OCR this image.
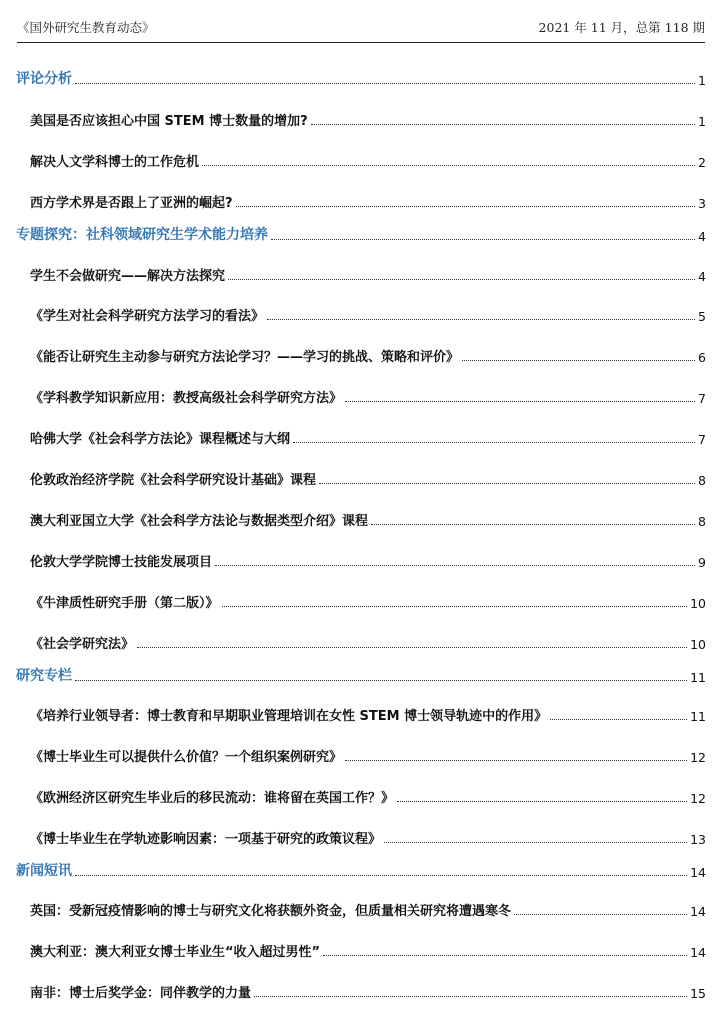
《国外研究生教育动态》	2021 年 11 月，总第 118 期
评论分析	1
美国是否应该担心中国 STEM 博士数量的增加?	1
解决人文学科博士的工作危机	2
西方学术界是否跟上了亚洲的崛起?	3
专题探究：社科领域研究生学术能力培养	4
学生不会做研究——解决方法探究	4
《学生对社会科学研究方法学习的看法》	5
《能否让研究生主动参与研究方法论学习？——学习的挑战、策略和评价》	6
《学科教学知识新应用：教授高级社会科学研究方法》	7
哈佛大学《社会科学方法论》课程概述与大纲	7
伦敦政治经济学院《社会科学研究设计基础》课程	8
澳大利亚国立大学《社会科学方法论与数据类型介绍》课程	8
伦敦大学学院博士技能发展项目	9
《牛津质性研究手册（第二版）》	10
《社会学研究法》	10
研究专栏	11
《培养行业领导者：博士教育和早期职业管理培训在女性 STEM 博士领导轨迹中的作用》	11
《博士毕业生可以提供什么价值？一个组织案例研究》	12
《欧洲经济区研究生毕业后的移民流动：谁将留在英国工作？》	12
《博士毕业生在学轨迹影响因素：一项基于研究的政策议程》	13
新闻短讯	14
英国：受新冠疫情影响的博士与研究文化将获额外资金，但质量相关研究将遭遇寒冬	14
澳大利亚：澳大利亚女博士毕业生“收入超过男性”	14
南非：博士后奖学金：同伴教学的力量	15
